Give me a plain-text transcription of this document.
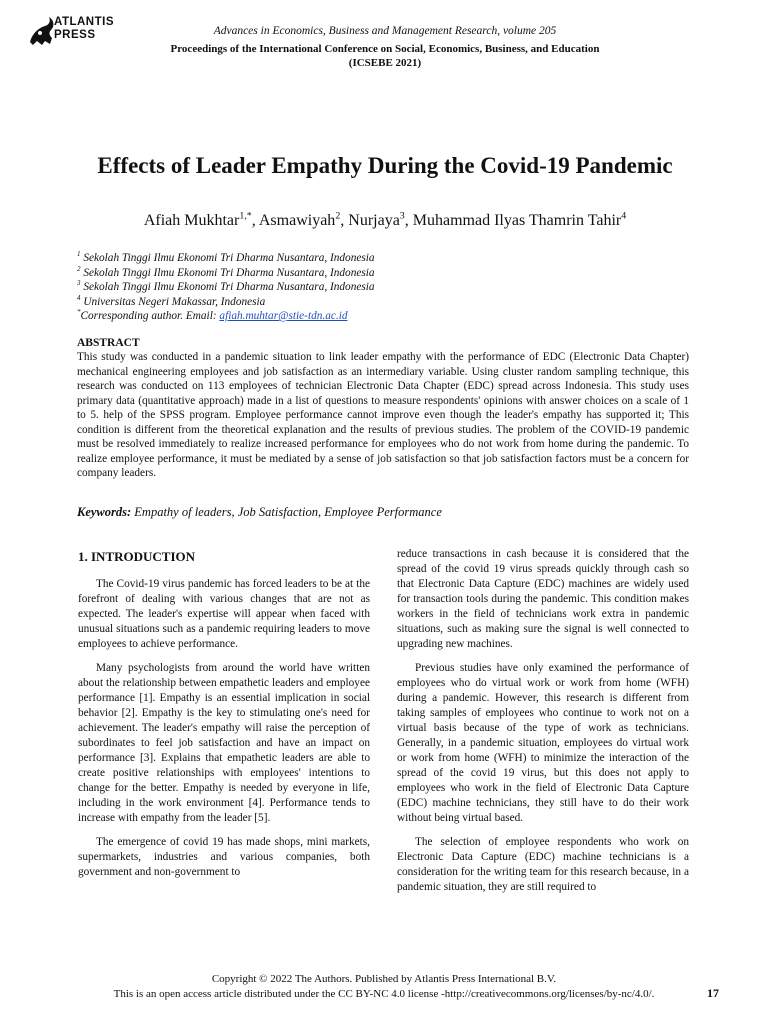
ATLANTIS
PRESS	Advances in Economics, Business and Management Research, volume 205
Proceedings of the International Conference on Social, Economics, Business, and Education (ICSEBE 2021)
Effects of Leader Empathy During the Covid-19 Pandemic
Afiah Mukhtar$^{1,*}$, Asmawiyah$^2$, Nurjaya$^3$, Muhammad Ilyas Thamrin Tahir$^4$
$^1$ Sekolah Tinggi Ilmu Ekonomi Tri Dharma Nusantara, Indonesia
$^2$ Sekolah Tinggi Ilmu Ekonomi Tri Dharma Nusantara, Indonesia
$^3$ Sekolah Tinggi Ilmu Ekonomi Tri Dharma Nusantara, Indonesia
$^4$ Universitas Negeri Makassar, Indonesia
*Corresponding author. Email: afiah.muhtar@stie-tdn.ac.id
ABSTRACT

This study was conducted in a pandemic situation to link leader empathy with the performance of EDC (Electronic Data Chapter) mechanical engineering employees and job satisfaction as an intermediary variable. Using cluster random sampling technique, this research was conducted on 113 employees of technician Electronic Data Chapter (EDC) spread across Indonesia. This study uses primary data (quantitative approach) made in a list of questions to measure respondents' opinions with answer choices on a scale of 1 to 5. help of the SPSS program. Employee performance cannot improve even though the leader's empathy has supported it; This condition is different from the theoretical explanation and the results of previous studies. The problem of the COVID-19 pandemic must be resolved immediately to realize increased performance for employees who do not work from home during the pandemic. To realize employee performance, it must be mediated by a sense of job satisfaction so that job satisfaction factors must be a concern for company leaders.

Keywords: Empathy of leaders, Job Satisfaction, Employee Performance
1. INTRODUCTION

The Covid-19 virus pandemic has forced leaders to be at the forefront of dealing with various changes that are not as expected. The leader's expertise will appear when faced with unusual situations such as a pandemic requiring leaders to move employees to achieve performance.

Many psychologists from around the world have written about the relationship between empathetic leaders and employee performance [1]. Empathy is an essential implication in social behavior [2]. Empathy is the key to stimulating one's need for achievement. The leader's empathy will raise the perception of subordinates to feel job satisfaction and have an impact on performance [3]. Explains that empathetic leaders are able to create positive relationships with employees' intentions to change for the better. Empathy is needed by everyone in life, including in the work environment [4]. Performance tends to increase with empathy from the leader [5].

The emergence of covid 19 has made shops, mini markets, supermarkets, industries and various companies, both government and non-government to

reduce transactions in cash because it is considered that the spread of the covid 19 virus spreads quickly through cash so that Electronic Data Capture (EDC) machines are widely used for transaction tools during the pandemic. This condition makes workers in the field of technicians work extra in pandemic situations, such as making sure the signal is well connected to upgrading new machines.

Previous studies have only examined the performance of employees who do virtual work or work from home (WFH) during a pandemic. However, this research is different from taking samples of employees who continue to work not on a virtual basis because of the type of work as technicians. Generally, in a pandemic situation, employees do virtual work or work from home (WFH) to minimize the interaction of the spread of the covid 19 virus, but this does not apply to employees who work in the field of Electronic Data Capture (EDC) machine technicians, they still have to do their work without being virtual based.

The selection of employee respondents who work on Electronic Data Capture (EDC) machine technicians is a consideration for the writing team for this research because, in a pandemic situation, they are still required to

Copyright © 2022 The Authors. Published by Atlantis Press International B.V.
This is an open access article distributed under the CC BY-NC 4.0 license -http://creativecommons.org/licenses/by-nc/4.0/.	17
